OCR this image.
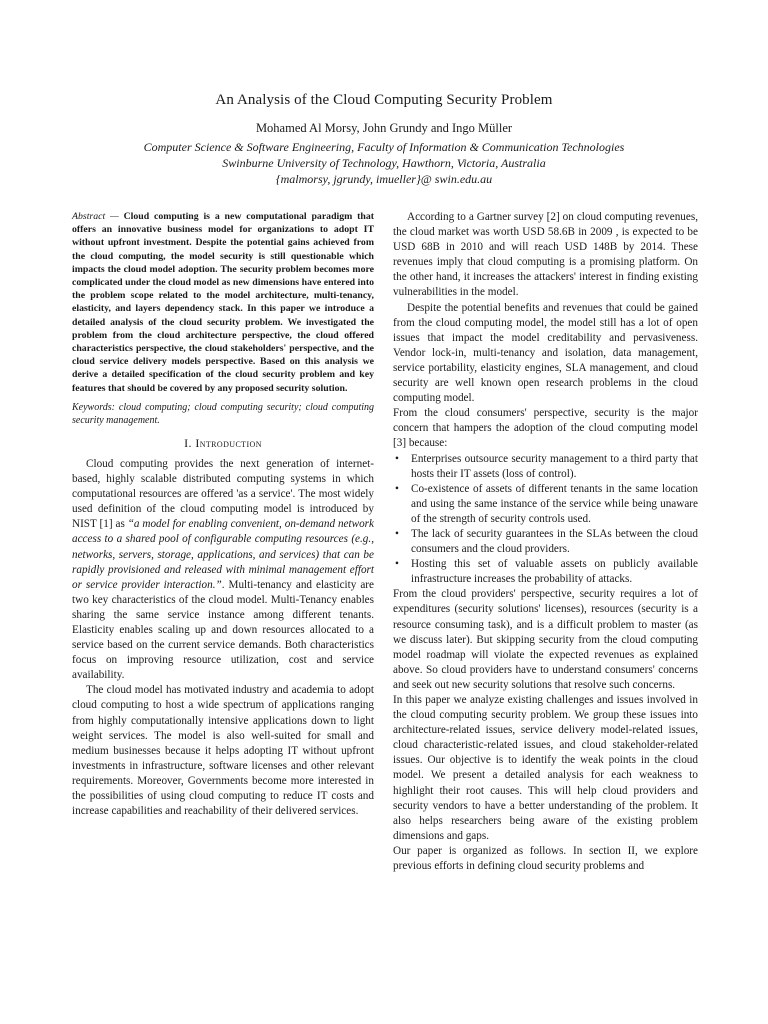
An Analysis of the Cloud Computing Security Problem

Mohamed Al Morsy, John Grundy and Ingo Müller

Computer Science & Software Engineering, Faculty of Information & Communication Technologies

Swinburne University of Technology, Hawthorn, Victoria, Australia

{malmorsy, jgrundy, imueller}@ swin.edu.au

Abstract — Cloud computing is a new computational paradigm that offers an innovative business model for organizations to adopt IT without upfront investment. Despite the potential gains achieved from the cloud computing, the model security is still questionable which impacts the cloud model adoption. The security problem becomes more complicated under the cloud model as new dimensions have entered into the problem scope related to the model architecture, multi-tenancy, elasticity, and layers dependency stack. In this paper we introduce a detailed analysis of the cloud security problem. We investigated the problem from the cloud architecture perspective, the cloud offered characteristics perspective, the cloud stakeholders' perspective, and the cloud service delivery models perspective. Based on this analysis we derive a detailed specification of the cloud security problem and key features that should be covered by any proposed security solution.

Keywords: cloud computing; cloud computing security; cloud computing security management.

I. Introduction

Cloud computing provides the next generation of internet-based, highly scalable distributed computing systems in which computational resources are offered 'as a service'. The most widely used definition of the cloud computing model is introduced by NIST [1] as “a model for enabling convenient, on-demand network access to a shared pool of configurable computing resources (e.g., networks, servers, storage, applications, and services) that can be rapidly provisioned and released with minimal management effort or service provider interaction.”. Multi-tenancy and elasticity are two key characteristics of the cloud model. Multi-Tenancy enables sharing the same service instance among different tenants. Elasticity enables scaling up and down resources allocated to a service based on the current service demands. Both characteristics focus on improving resource utilization, cost and service availability.

The cloud model has motivated industry and academia to adopt cloud computing to host a wide spectrum of applications ranging from highly computationally intensive applications down to light weight services. The model is also well-suited for small and medium businesses because it helps adopting IT without upfront investments in infrastructure, software licenses and other relevant requirements. Moreover, Governments become more interested in the possibilities of using cloud computing to reduce IT costs and increase capabilities and reachability of their delivered services.

According to a Gartner survey [2] on cloud computing revenues, the cloud market was worth USD 58.6B in 2009 , is expected to be USD 68B in 2010 and will reach USD 148B by 2014. These revenues imply that cloud computing is a promising platform. On the other hand, it increases the attackers' interest in finding existing vulnerabilities in the model.

Despite the potential benefits and revenues that could be gained from the cloud computing model, the model still has a lot of open issues that impact the model creditability and pervasiveness. Vendor lock-in, multi-tenancy and isolation, data management, service portability, elasticity engines, SLA management, and cloud security are well known open research problems in the cloud computing model.

From the cloud consumers' perspective, security is the major concern that hampers the adoption of the cloud computing model [3] because:

• Enterprises outsource security management to a third party that hosts their IT assets (loss of control).
• Co-existence of assets of different tenants in the same location and using the same instance of the service while being unaware of the strength of security controls used.
• The lack of security guarantees in the SLAs between the cloud consumers and the cloud providers.
• Hosting this set of valuable assets on publicly available infrastructure increases the probability of attacks.

From the cloud providers' perspective, security requires a lot of expenditures (security solutions' licenses), resources (security is a resource consuming task), and is a difficult problem to master (as we discuss later). But skipping security from the cloud computing model roadmap will violate the expected revenues as explained above. So cloud providers have to understand consumers' concerns and seek out new security solutions that resolve such concerns.

In this paper we analyze existing challenges and issues involved in the cloud computing security problem. We group these issues into architecture-related issues, service delivery model-related issues, cloud characteristic-related issues, and cloud stakeholder-related issues. Our objective is to identify the weak points in the cloud model. We present a detailed analysis for each weakness to highlight their root causes. This will help cloud providers and security vendors to have a better understanding of the problem. It also helps researchers being aware of the existing problem dimensions and gaps.

Our paper is organized as follows. In section II, we explore previous efforts in defining cloud security problems and
